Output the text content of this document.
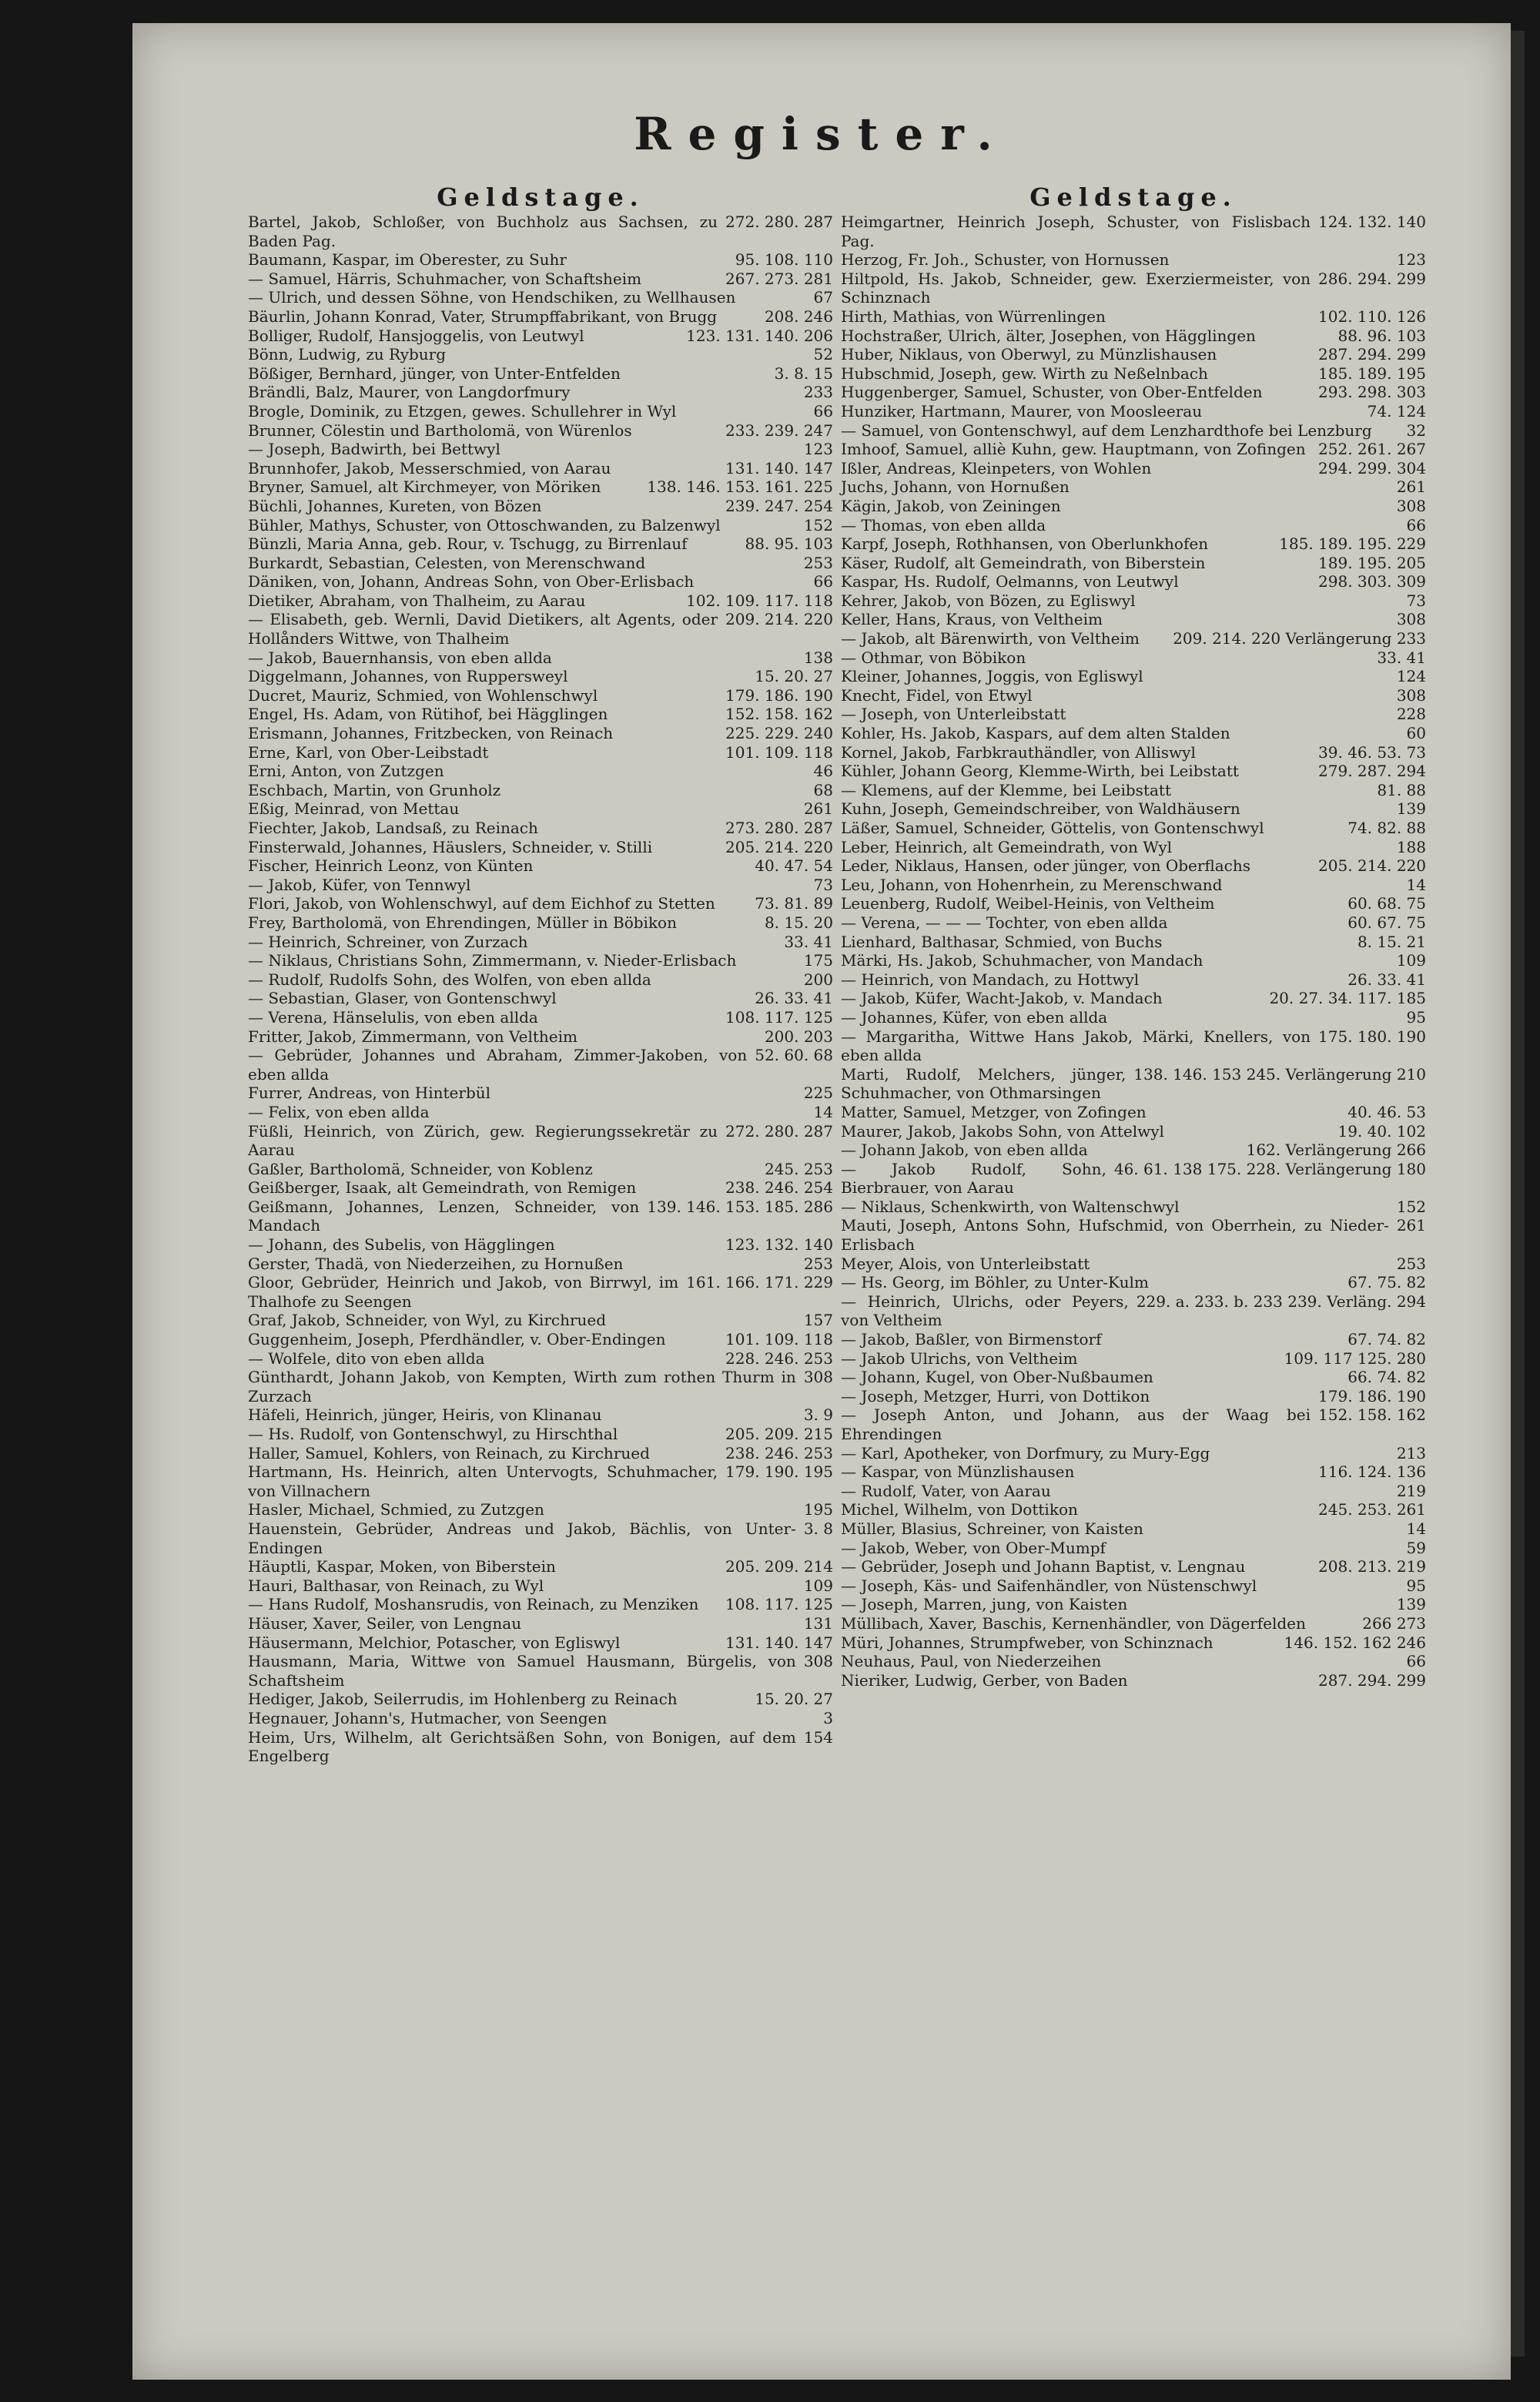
Register.
Geldstage.
272. 280. 287
Bartel, Jakob, Schloßer, von Buchholz aus Sachsen, zu Baden Pag.
95. 108. 110
Baumann, Kaspar, im Oberester, zu Suhr
267. 273. 281
— Samuel, Härris, Schuhmacher, von Schaftsheim
67
— Ulrich, und dessen Söhne, von Hendschiken, zu Wellhausen
208. 246
Bäurlin, Johann Konrad, Vater, Strumpffabrikant, von Brugg
123. 131. 140. 206
Bolliger, Rudolf, Hansjoggelis, von Leutwyl
52
Bönn, Ludwig, zu Ryburg
3. 8. 15
Bößiger, Bernhard, jünger, von Unter-Entfelden
233
Brändli, Balz, Maurer, von Langdorfmury
66
Brogle, Dominik, zu Etzgen, gewes. Schullehrer in Wyl
233. 239. 247
Brunner, Cölestin und Bartholomä, von Würenlos
123
— Joseph, Badwirth, bei Bettwyl
131. 140. 147
Brunnhofer, Jakob, Messerschmied, von Aarau
138. 146. 153. 161. 225
Bryner, Samuel, alt Kirchmeyer, von Möriken
239. 247. 254
Büchli, Johannes, Kureten, von Bözen
152
Bühler, Mathys, Schuster, von Ottoschwanden, zu Balzenwyl
88. 95. 103
Bünzli, Maria Anna, geb. Rour, v. Tschugg, zu Birrenlauf
253
Burkardt, Sebastian, Celesten, von Merenschwand
66
Däniken, von, Johann, Andreas Sohn, von Ober-Erlisbach
102. 109. 117. 118
Dietiker, Abraham, von Thalheim, zu Aarau
209. 214. 220
— Elisabeth, geb. Wernli, David Dietikers, alt Agents, oder Hollånders Wittwe, von Thalheim
138
— Jakob, Bauernhansis, von eben allda
15. 20. 27
Diggelmann, Johannes, von Ruppersweyl
179. 186. 190
Ducret, Mauriz, Schmied, von Wohlenschwyl
152. 158. 162
Engel, Hs. Adam, von Rütihof, bei Hägglingen
225. 229. 240
Erismann, Johannes, Fritzbecken, von Reinach
101. 109. 118
Erne, Karl, von Ober-Leibstadt
46
Erni, Anton, von Zutzgen
68
Eschbach, Martin, von Grunholz
261
Eßig, Meinrad, von Mettau
273. 280. 287
Fiechter, Jakob, Landsaß, zu Reinach
205. 214. 220
Finsterwald, Johannes, Häuslers, Schneider, v. Stilli
40. 47. 54
Fischer, Heinrich Leonz, von Künten
73
— Jakob, Küfer, von Tennwyl
73. 81. 89
Flori, Jakob, von Wohlenschwyl, auf dem Eichhof zu Stetten
8. 15. 20
Frey, Bartholomä, von Ehrendingen, Müller in Böbikon
33. 41
— Heinrich, Schreiner, von Zurzach
175
— Niklaus, Christians Sohn, Zimmermann, v. Nieder-Erlisbach
200
— Rudolf, Rudolfs Sohn, des Wolfen, von eben allda
26. 33. 41
— Sebastian, Glaser, von Gontenschwyl
108. 117. 125
— Verena, Hänselulis, von eben allda
200. 203
Fritter, Jakob, Zimmermann, von Veltheim
52. 60. 68
— Gebrüder, Johannes und Abraham, Zimmer-Jakoben, von eben allda
225
Furrer, Andreas, von Hinterbül
14
— Felix, von eben allda
272. 280. 287
Füßli, Heinrich, von Zürich, gew. Regierungssekretär zu Aarau
245. 253
Gaßler, Bartholomä, Schneider, von Koblenz
238. 246. 254
Geißberger, Isaak, alt Gemeindrath, von Remigen
139. 146. 153. 185. 286
Geißmann, Johannes, Lenzen, Schneider, von Mandach
123. 132. 140
— Johann, des Subelis, von Hägglingen
253
Gerster, Thadä, von Niederzeihen, zu Hornußen
161. 166. 171. 229
Gloor, Gebrüder, Heinrich und Jakob, von Birrwyl, im Thalhofe zu Seengen
157
Graf, Jakob, Schneider, von Wyl, zu Kirchrued
101. 109. 118
Guggenheim, Joseph, Pferdhändler, v. Ober-Endingen
228. 246. 253
— Wolfele, dito von eben allda
308
Günthardt, Johann Jakob, von Kempten, Wirth zum rothen Thurm in Zurzach
3. 9
Häfeli, Heinrich, jünger, Heiris, von Klinanau
205. 209. 215
— Hs. Rudolf, von Gontenschwyl, zu Hirschthal
238. 246. 253
Haller, Samuel, Kohlers, von Reinach, zu Kirchrued
179. 190. 195
Hartmann, Hs. Heinrich, alten Untervogts, Schuhmacher, von Villnachern
195
Hasler, Michael, Schmied, zu Zutzgen
3. 8
Hauenstein, Gebrüder, Andreas und Jakob, Bächlis, von Unter-Endingen
205. 209. 214
Häuptli, Kaspar, Moken, von Biberstein
109
Hauri, Balthasar, von Reinach, zu Wyl
108. 117. 125
— Hans Rudolf, Moshansrudis, von Reinach, zu Menziken
131
Häuser, Xaver, Seiler, von Lengnau
131. 140. 147
Häusermann, Melchior, Potascher, von Egliswyl
308
Hausmann, Maria, Wittwe von Samuel Hausmann, Bürgelis, von Schaftsheim
15. 20. 27
Hediger, Jakob, Seilerrudis, im Hohlenberg zu Reinach
3
Hegnauer, Johann's, Hutmacher, von Seengen
154
Heim, Urs, Wilhelm, alt Gerichtsäßen Sohn, von Bonigen, auf dem Engelberg
Geldstage.
124. 132. 140
Heimgartner, Heinrich Joseph, Schuster, von Fislisbach Pag.
123
Herzog, Fr. Joh., Schuster, von Hornussen
286. 294. 299
Hiltpold, Hs. Jakob, Schneider, gew. Exerziermeister, von Schinznach
102. 110. 126
Hirth, Mathias, von Würrenlingen
88. 96. 103
Hochstraßer, Ulrich, älter, Josephen, von Hägglingen
287. 294. 299
Huber, Niklaus, von Oberwyl, zu Münzlishausen
185. 189. 195
Hubschmid, Joseph, gew. Wirth zu Neßelnbach
293. 298. 303
Huggenberger, Samuel, Schuster, von Ober-Entfelden
74. 124
Hunziker, Hartmann, Maurer, von Moosleerau
32
— Samuel, von Gontenschwyl, auf dem Lenzhardthofe bei Lenzburg
252. 261. 267
Imhoof, Samuel, alliè Kuhn, gew. Hauptmann, von Zofingen
294. 299. 304
Ißler, Andreas, Kleinpeters, von Wohlen
261
Juchs, Johann, von Hornußen
308
Kägin, Jakob, von Zeiningen
66
— Thomas, von eben allda
185. 189. 195. 229
Karpf, Joseph, Rothhansen, von Oberlunkhofen
189. 195. 205
Käser, Rudolf, alt Gemeindrath, von Biberstein
298. 303. 309
Kaspar, Hs. Rudolf, Oelmanns, von Leutwyl
73
Kehrer, Jakob, von Bözen, zu Egliswyl
308
Keller, Hans, Kraus, von Veltheim
209. 214. 220 Verlängerung 233
— Jakob, alt Bärenwirth, von Veltheim
33. 41
— Othmar, von Böbikon
124
Kleiner, Johannes, Joggis, von Egliswyl
308
Knecht, Fidel, von Etwyl
228
— Joseph, von Unterleibstatt
60
Kohler, Hs. Jakob, Kaspars, auf dem alten Stalden
39. 46. 53. 73
Kornel, Jakob, Farbkrauthändler, von Alliswyl
279. 287. 294
Kühler, Johann Georg, Klemme-Wirth, bei Leibstatt
81. 88
— Klemens, auf der Klemme, bei Leibstatt
139
Kuhn, Joseph, Gemeindschreiber, von Waldhäusern
74. 82. 88
Läßer, Samuel, Schneider, Göttelis, von Gontenschwyl
188
Leber, Heinrich, alt Gemeindrath, von Wyl
205. 214. 220
Leder, Niklaus, Hansen, oder jünger, von Oberflachs
14
Leu, Johann, von Hohenrhein, zu Merenschwand
60. 68. 75
Leuenberg, Rudolf, Weibel-Heinis, von Veltheim
60. 67. 75
— Verena, — — — Tochter, von eben allda
8. 15. 21
Lienhard, Balthasar, Schmied, von Buchs
109
Märki, Hs. Jakob, Schuhmacher, von Mandach
26. 33. 41
— Heinrich, von Mandach, zu Hottwyl
20. 27. 34. 117. 185
— Jakob, Küfer, Wacht-Jakob, v. Mandach
95
— Johannes, Küfer, von eben allda
175. 180. 190
— Margaritha, Wittwe Hans Jakob, Märki, Knellers, von eben allda
138. 146. 153 245. Verlängerung 210
Marti, Rudolf, Melchers, jünger, Schuhmacher, von Othmarsingen
40. 46. 53
Matter, Samuel, Metzger, von Zofingen
19. 40. 102
Maurer, Jakob, Jakobs Sohn, von Attelwyl
162. Verlängerung 266
— Johann Jakob, von eben allda
46. 61. 138 175. 228. Verlängerung 180
— Jakob Rudolf, Sohn, Bierbrauer, von Aarau
152
— Niklaus, Schenkwirth, von Waltenschwyl
261
Mauti, Joseph, Antons Sohn, Hufschmid, von Oberrhein, zu Nieder-Erlisbach
253
Meyer, Alois, von Unterleibstatt
67. 75. 82
— Hs. Georg, im Böhler, zu Unter-Kulm
229. a. 233. b. 233 239. Verläng. 294
— Heinrich, Ulrichs, oder Peyers, von Veltheim
67. 74. 82
— Jakob, Baßler, von Birmenstorf
109. 117 125. 280
— Jakob Ulrichs, von Veltheim
66. 74. 82
— Johann, Kugel, von Ober-Nußbaumen
179. 186. 190
— Joseph, Metzger, Hurri, von Dottikon
152. 158. 162
— Joseph Anton, und Johann, aus der Waag bei Ehrendingen
213
— Karl, Apotheker, von Dorfmury, zu Mury-Egg
116. 124. 136
— Kaspar, von Münzlishausen
219
— Rudolf, Vater, von Aarau
245. 253. 261
Michel, Wilhelm, von Dottikon
14
Müller, Blasius, Schreiner, von Kaisten
59
— Jakob, Weber, von Ober-Mumpf
208. 213. 219
— Gebrüder, Joseph und Johann Baptist, v. Lengnau
95
— Joseph, Käs- und Saifenhändler, von Nüstenschwyl
139
— Joseph, Marren, jung, von Kaisten
266 273
Müllibach, Xaver, Baschis, Kernenhändler, von Dägerfelden
146. 152. 162 246
Müri, Johannes, Strumpfweber, von Schinznach
66
Neuhaus, Paul, von Niederzeihen
287. 294. 299
Nieriker, Ludwig, Gerber, von Baden
